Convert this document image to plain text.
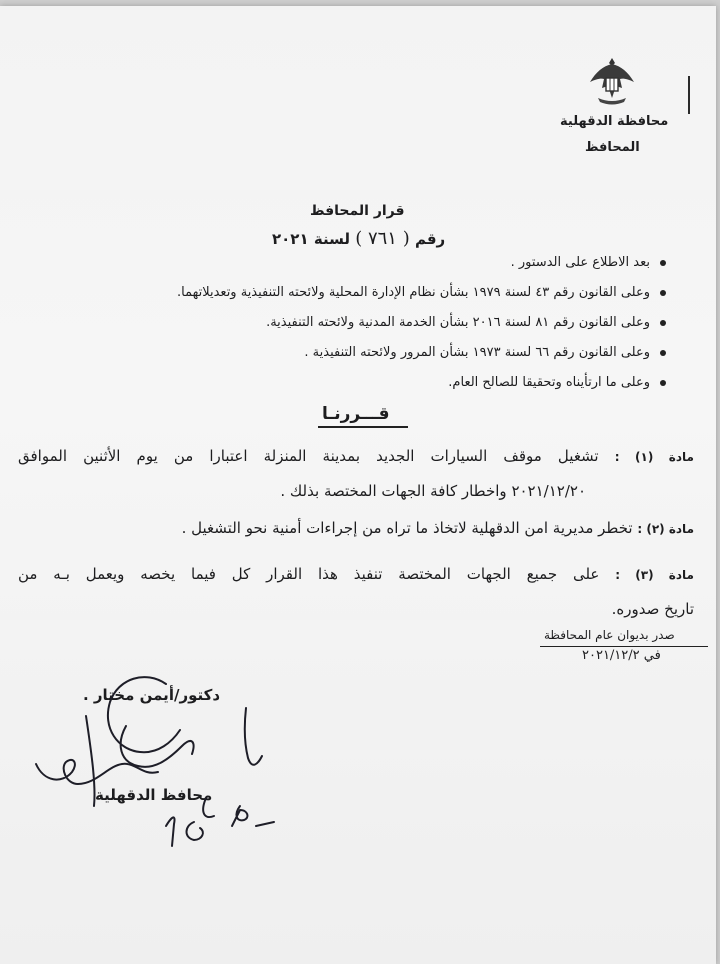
محافظة الدقهلية
المحافظ
قرار المحافظ
رقم ( ٧٦١ ) لسنة ٢٠٢١
بعد الاطلاع على الدستور .
وعلى القانون رقم ٤٣ لسنة ١٩٧٩ بشأن نظام الإدارة المحلية ولائحته التنفيذية وتعديلاتهما.
وعلى القانون رقم ٨١ لسنة ٢٠١٦ بشأن الخدمة المدنية ولائحته التنفيذية.
وعلى القانون رقم ٦٦ لسنة ١٩٧٣ بشأن المرور ولائحته التنفيذية .
وعلى ما ارتأيناه وتحقيقا للصالح العام.
قـــررنـا
مادة (١) : تشغيل موقف السيارات الجديد بمدينة المنزلة اعتبارا من يوم الأثنين الموافق
٢٠٢١/١٢/٢٠ واخطار كافة الجهات المختصة بذلك .
مادة (٢) : تخطر مديرية امن الدقهلية لاتخاذ ما تراه من إجراءات أمنية نحو التشغيل .
مادة (٣) : على جميع الجهات المختصة تنفيذ هذا القرار كل فيما يخصه ويعمل بـه من
تاريخ صدوره.
صدر بديوان عام المحافظة
في ٢٠٢١/١٢/٢
دكتور/أيمن مختار .
محافظ الدقهلية
